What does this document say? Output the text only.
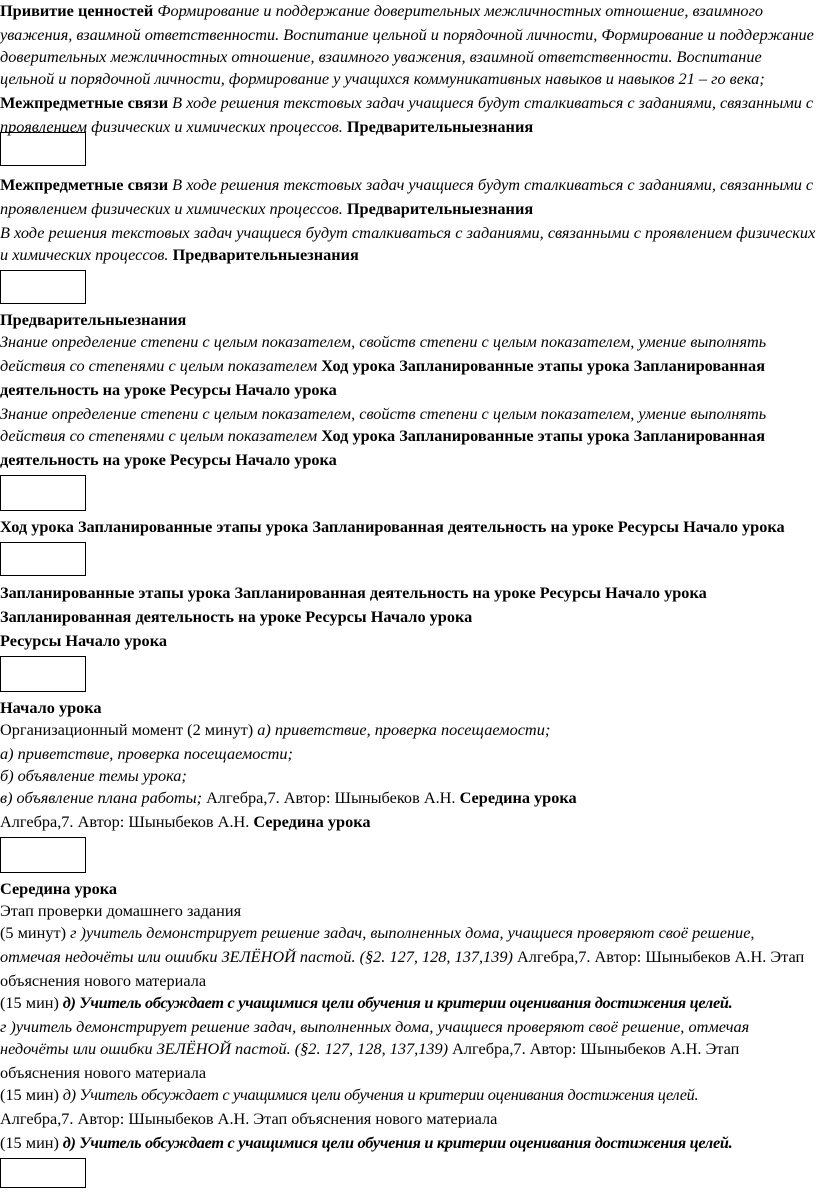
Привитие ценностей Формирование и поддержание доверительных межличностных отношение, взаимного уважения, взаимной ответственности. Воспитание цельной и порядочной личности, Формирование и поддержание доверительных межличностных отношение, взаимного уважения, взаимной ответственности. Воспитание цельной и порядочной личности, формирование у учащихся коммуникативных навыков и навыков 21 – го века; Межпредметные связи В ходе решения текстовых задач учащиеся будут сталкиваться с заданиями, связанными с проявлением физических и химических процессов. Предварительныезнания
Межпредметные связи В ходе решения текстовых задач учащиеся будут сталкиваться с заданиями, связанными с проявлением физических и химических процессов. Предварительныезнания
В ходе решения текстовых задач учащиеся будут сталкиваться с заданиями, связанными с проявлением физических и химических процессов. Предварительныезнания
Предварительныезнания
Знание определение степени с целым показателем, свойств степени с целым показателем, умение выполнять действия со степенями с целым показателем Ход урока Запланированные этапы урока Запланированная деятельность на уроке Ресурсы Начало урока
Знание определение степени с целым показателем, свойств степени с целым показателем, умение выполнять действия со степенями с целым показателем Ход урока Запланированные этапы урока Запланированная деятельность на уроке Ресурсы Начало урока
Ход урока Запланированные этапы урока Запланированная деятельность на уроке Ресурсы Начало урока
Запланированные этапы урока Запланированная деятельность на уроке Ресурсы Начало урока
Запланированная деятельность на уроке Ресурсы Начало урока
Ресурсы Начало урока
Начало урока
Организационный момент (2 минут) а) приветствие, проверка посещаемости;
а) приветствие, проверка посещаемости;
б) объявление темы урока;
в) объявление плана работы; Алгебра,7. Автор: Шыныбеков А.Н. Середина урока
Алгебра,7. Автор: Шыныбеков А.Н. Середина урока
Середина урока
Этап проверки домашнего задания
(5 минут) г )учитель демонстрирует решение задач, выполненных дома, учащиеся проверяют своё решение, отмечая недочёты или ошибки ЗЕЛЁНОЙ пастой. (§2. 127, 128, 137,139) Алгебра,7. Автор: Шыныбеков А.Н. Этап объяснения нового материала
(15 мин) д) Учитель обсуждает с учащимися цели обучения и критерии оценивания достижения целей.
г )учитель демонстрирует решение задач, выполненных дома, учащиеся проверяют своё решение, отмечая недочёты или ошибки ЗЕЛЁНОЙ пастой. (§2. 127, 128, 137,139) Алгебра,7. Автор: Шыныбеков А.Н. Этап объяснения нового материала
(15 мин) д) Учитель обсуждает с учащимися цели обучения и критерии оценивания достижения целей.
Алгебра,7. Автор: Шыныбеков А.Н. Этап объяснения нового материала
(15 мин) д) Учитель обсуждает с учащимися цели обучения и критерии оценивания достижения целей.
